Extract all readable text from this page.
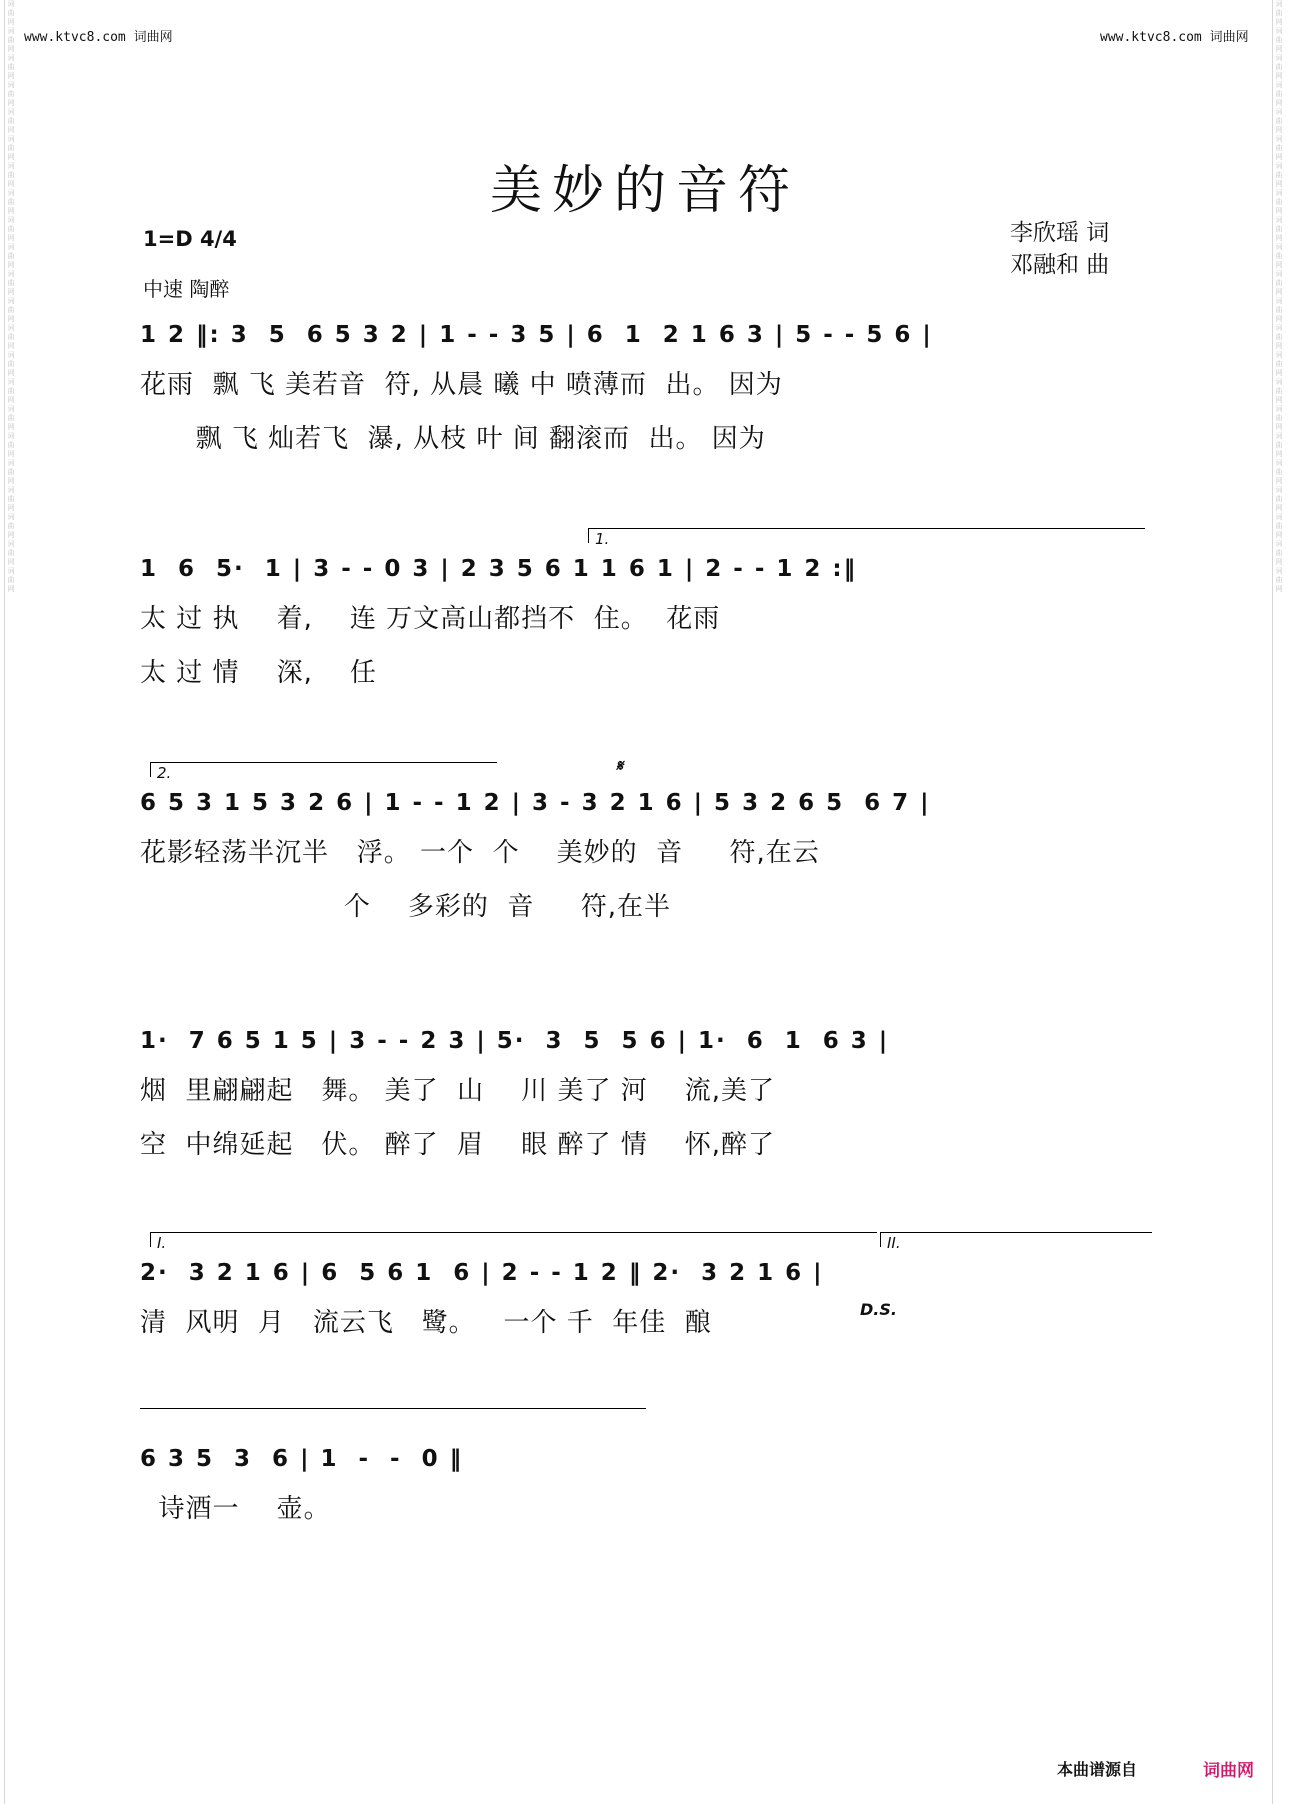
www.ktvc8.com 词曲网	www.ktvc8.com 词曲网
词
曲
网
词
曲
网
词
曲
网
词
曲
网
词
曲
网
词
曲
网
词
曲
网
词
曲
网
词
曲
网
词
曲
网
词
曲
网
词
曲
网
词
曲
网
词
曲
网
词
曲
网
词
曲
网
词
曲
网
词
曲
网
词
曲
网
词
曲
网
词
曲
网
词
曲
网
词
曲
网
词
曲
网
词
曲
网
词
曲
网
词
曲
网
词
曲
网
词
曲
网
词
曲
网
词
曲
网
词
曲
网
词
曲
网
词
曲
网
词
曲
网
词
曲
网
词
曲
网
词
曲
网
词
曲
网
词
曲
网
词
曲
网
词
曲
网
词
曲
网
词
曲
网
美妙的音符
1=D 4/4
中速 陶醉
李欣瑶 词
邓融和 曲
1 2 ‖: 3  5  6 5 3 2 | 1 - - 3 5 | 6  1  2 1 6 3 | 5 - - 5 6 |
花雨  飘 飞 美若音  符, 从晨 曦 中 喷薄而  出。 因为
飘 飞 灿若飞  瀑, 从枝 叶 间 翻滚而  出。 因为
1.
1  6  5·  1 | 3 - - 0 3 | 2 3 5 6 1 1 6 1 | 2 - - 1 2 :‖
太 过 执    着,    连 万文高山都挡不  住。  花雨
太 过 情    深,    任
2.	𝄋
6 5 3 1 5 3 2 6 | 1 - - 1 2 | 3 - 3 2 1 6 | 5 3 2 6 5  6 7 |
花影轻荡半沉半   浮。 一个  个    美妙的  音     符,在云
个    多彩的  音     符,在半
1·  7 6 5 1 5 | 3 - - 2 3 | 5·  3  5  5 6 | 1·  6  1  6 3 |
烟  里翩翩起   舞。 美了  山    川 美了 河    流,美了
空  中绵延起   伏。 醉了  眉    眼 醉了 情    怀,醉了
I.	II.
D.S.
2·  3 2 1 6 | 6  5 6 1  6 | 2 - - 1 2 ‖ 2·  3 2 1 6 |
清  风明  月   流云飞   鹭。   一个 千  年佳  酿
6 3 5  3  6 | 1  -  -  0 ‖
诗酒一    壶。
本曲谱源自	词曲网
